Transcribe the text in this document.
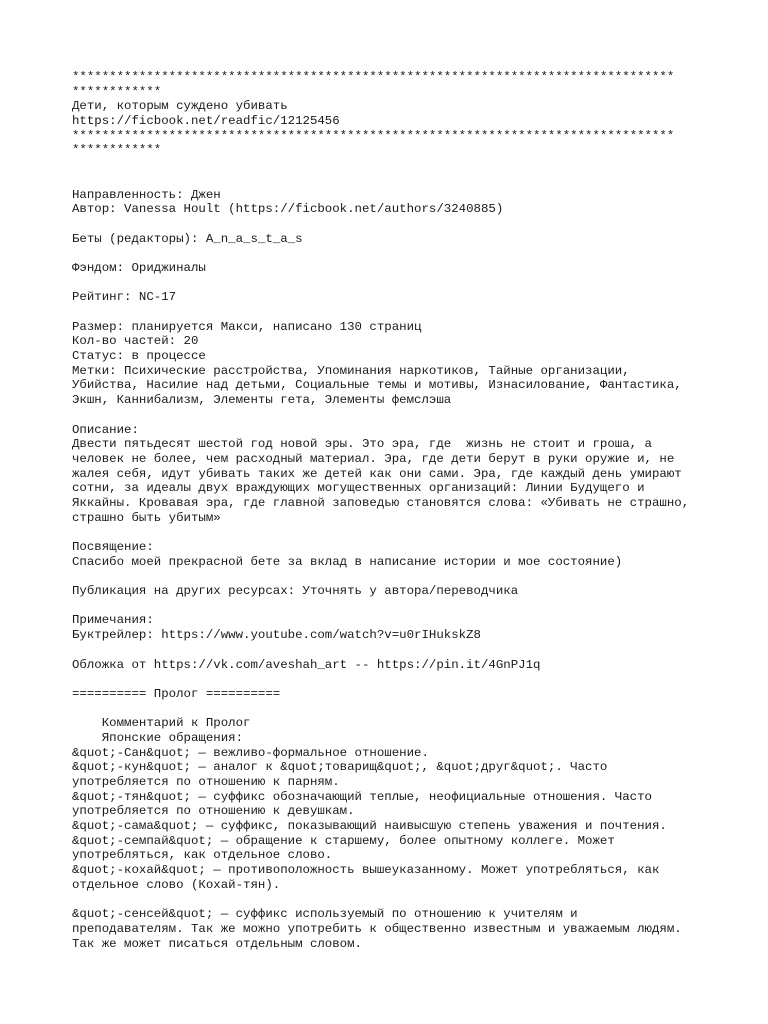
*********************************************************************************
************
Дети, которым суждено убивать
https://ficbook.net/readfic/12125456
*********************************************************************************
************
Направленность: Джен
Автор: Vanessa Hoult (https://ficbook.net/authors/3240885)
Беты (редакторы): A_n_a_s_t_a_s
Фэндом: Ориджиналы
Рейтинг: NC-17
Размер: планируется Макси, написано 130 страниц
Кол-во частей: 20
Статус: в процессе
Метки: Психические расстройства, Упоминания наркотиков, Тайные организации,
Убийства, Насилие над детьми, Социальные темы и мотивы, Изнасилование, Фантастика,
Экшн, Каннибализм, Элементы гета, Элементы фемслэша
Описание:
Двести пятьдесят шестой год новой эры. Это эра, где  жизнь не стоит и гроша, а
человек не более, чем расходный материал. Эра, где дети берут в руки оружие и, не
жалея себя, идут убивать таких же детей как они сами. Эра, где каждый день умирают
сотни, за идеалы двух враждующих могущественных организаций: Линии Будущего и
Яккайны. Кровавая эра, где главной заповедью становятся слова: «Убивать не страшно,
страшно быть убитым»
Посвящение:
Спасибо моей прекрасной бете за вклад в написание истории и мое состояние)
Публикация на других ресурсах: Уточнять у автора/переводчика
Примечания:
Буктрейлер: https://www.youtube.com/watch?v=u0rIHukskZ8
Обложка от https://vk.com/aveshah_art -- https://pin.it/4GnPJ1q
========== Пролог ==========
Комментарий к Пролог
Японские обращения:
&quot;-Сан&quot; — вежливо-формальное отношение.
&quot;-кун&quot; — аналог к &quot;товарищ&quot;, &quot;друг&quot;. Часто
употребляется по отношению к парням.
&quot;-тян&quot; — суффикс обозначающий теплые, неофициальные отношения. Часто
употребляется по отношению к девушкам.
&quot;-сама&quot; — суффикс, показывающий наивысшую степень уважения и почтения.
&quot;-семпай&quot; — обращение к старшему, более опытному коллеге. Может
употребляться, как отдельное слово.
&quot;-кохай&quot; — противоположность вышеуказанному. Может употребляться, как
отдельное слово (Кохай-тян).
&quot;-сенсей&quot; — суффикс используемый по отношению к учителям и
преподавателям. Так же можно употребить к общественно известным и уважаемым людям.
Так же может писаться отдельным словом.
